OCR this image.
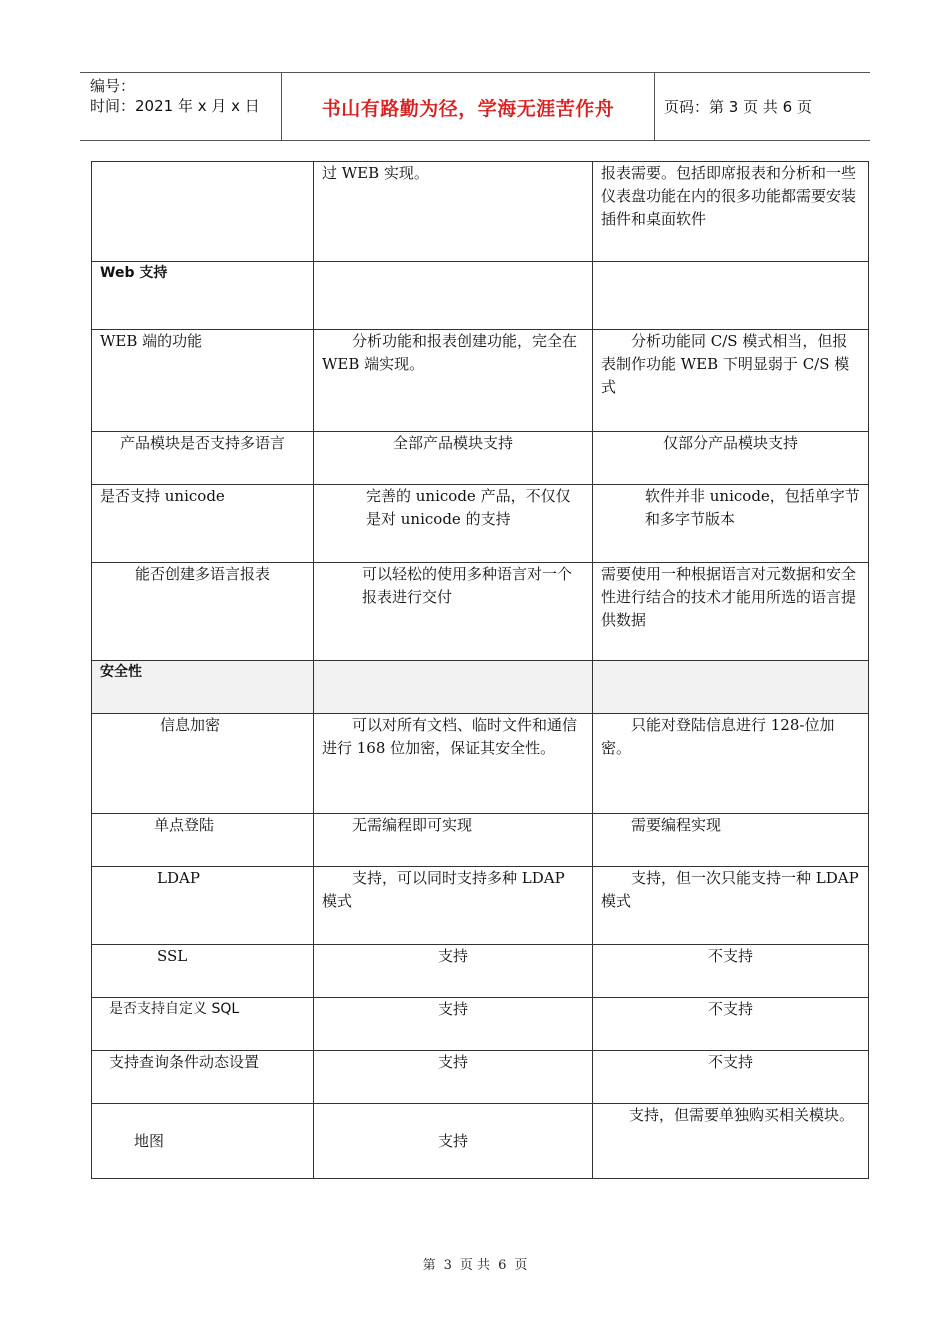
编号：
时间：2021 年 x 月 x 日	书山有路勤为径，学海无涯苦作舟	页码：第 3 页 共 6 页

	过 WEB 实现。	报表需要。包括即席报表和分析和一些仪表盘功能在内的很多功能都需要安装插件和桌面软件

Web 支持		

WEB 端的功能	分析功能和报表创建功能，完全在 WEB 端实现。	分析功能同 C/S 模式相当，但报表制作功能 WEB 下明显弱于 C/S 模式

产品模块是否支持多语言	全部产品模块支持	仅部分产品模块支持

是否支持 unicode	完善的 unicode 产品，不仅仅是对 unicode 的支持	软件并非 unicode，包括单字节和多字节版本

能否创建多语言报表	可以轻松的使用多种语言对一个报表进行交付	需要使用一种根据语言对元数据和安全性进行结合的技术才能用所选的语言提供数据

安全性		

信息加密	可以对所有文档、临时文件和通信进行 168 位加密，保证其安全性。	只能对登陆信息进行 128-位加密。

单点登陆	无需编程即可实现	需要编程实现

LDAP	支持，可以同时支持多种 LDAP 模式	支持，但一次只能支持一种 LDAP 模式

SSL	支持	不支持

是否支持自定义 SQL	支持	不支持

支持查询条件动态设置	支持	不支持

地图	支持	支持，但需要单独购买相关模块。
第 3 页 共 6 页
